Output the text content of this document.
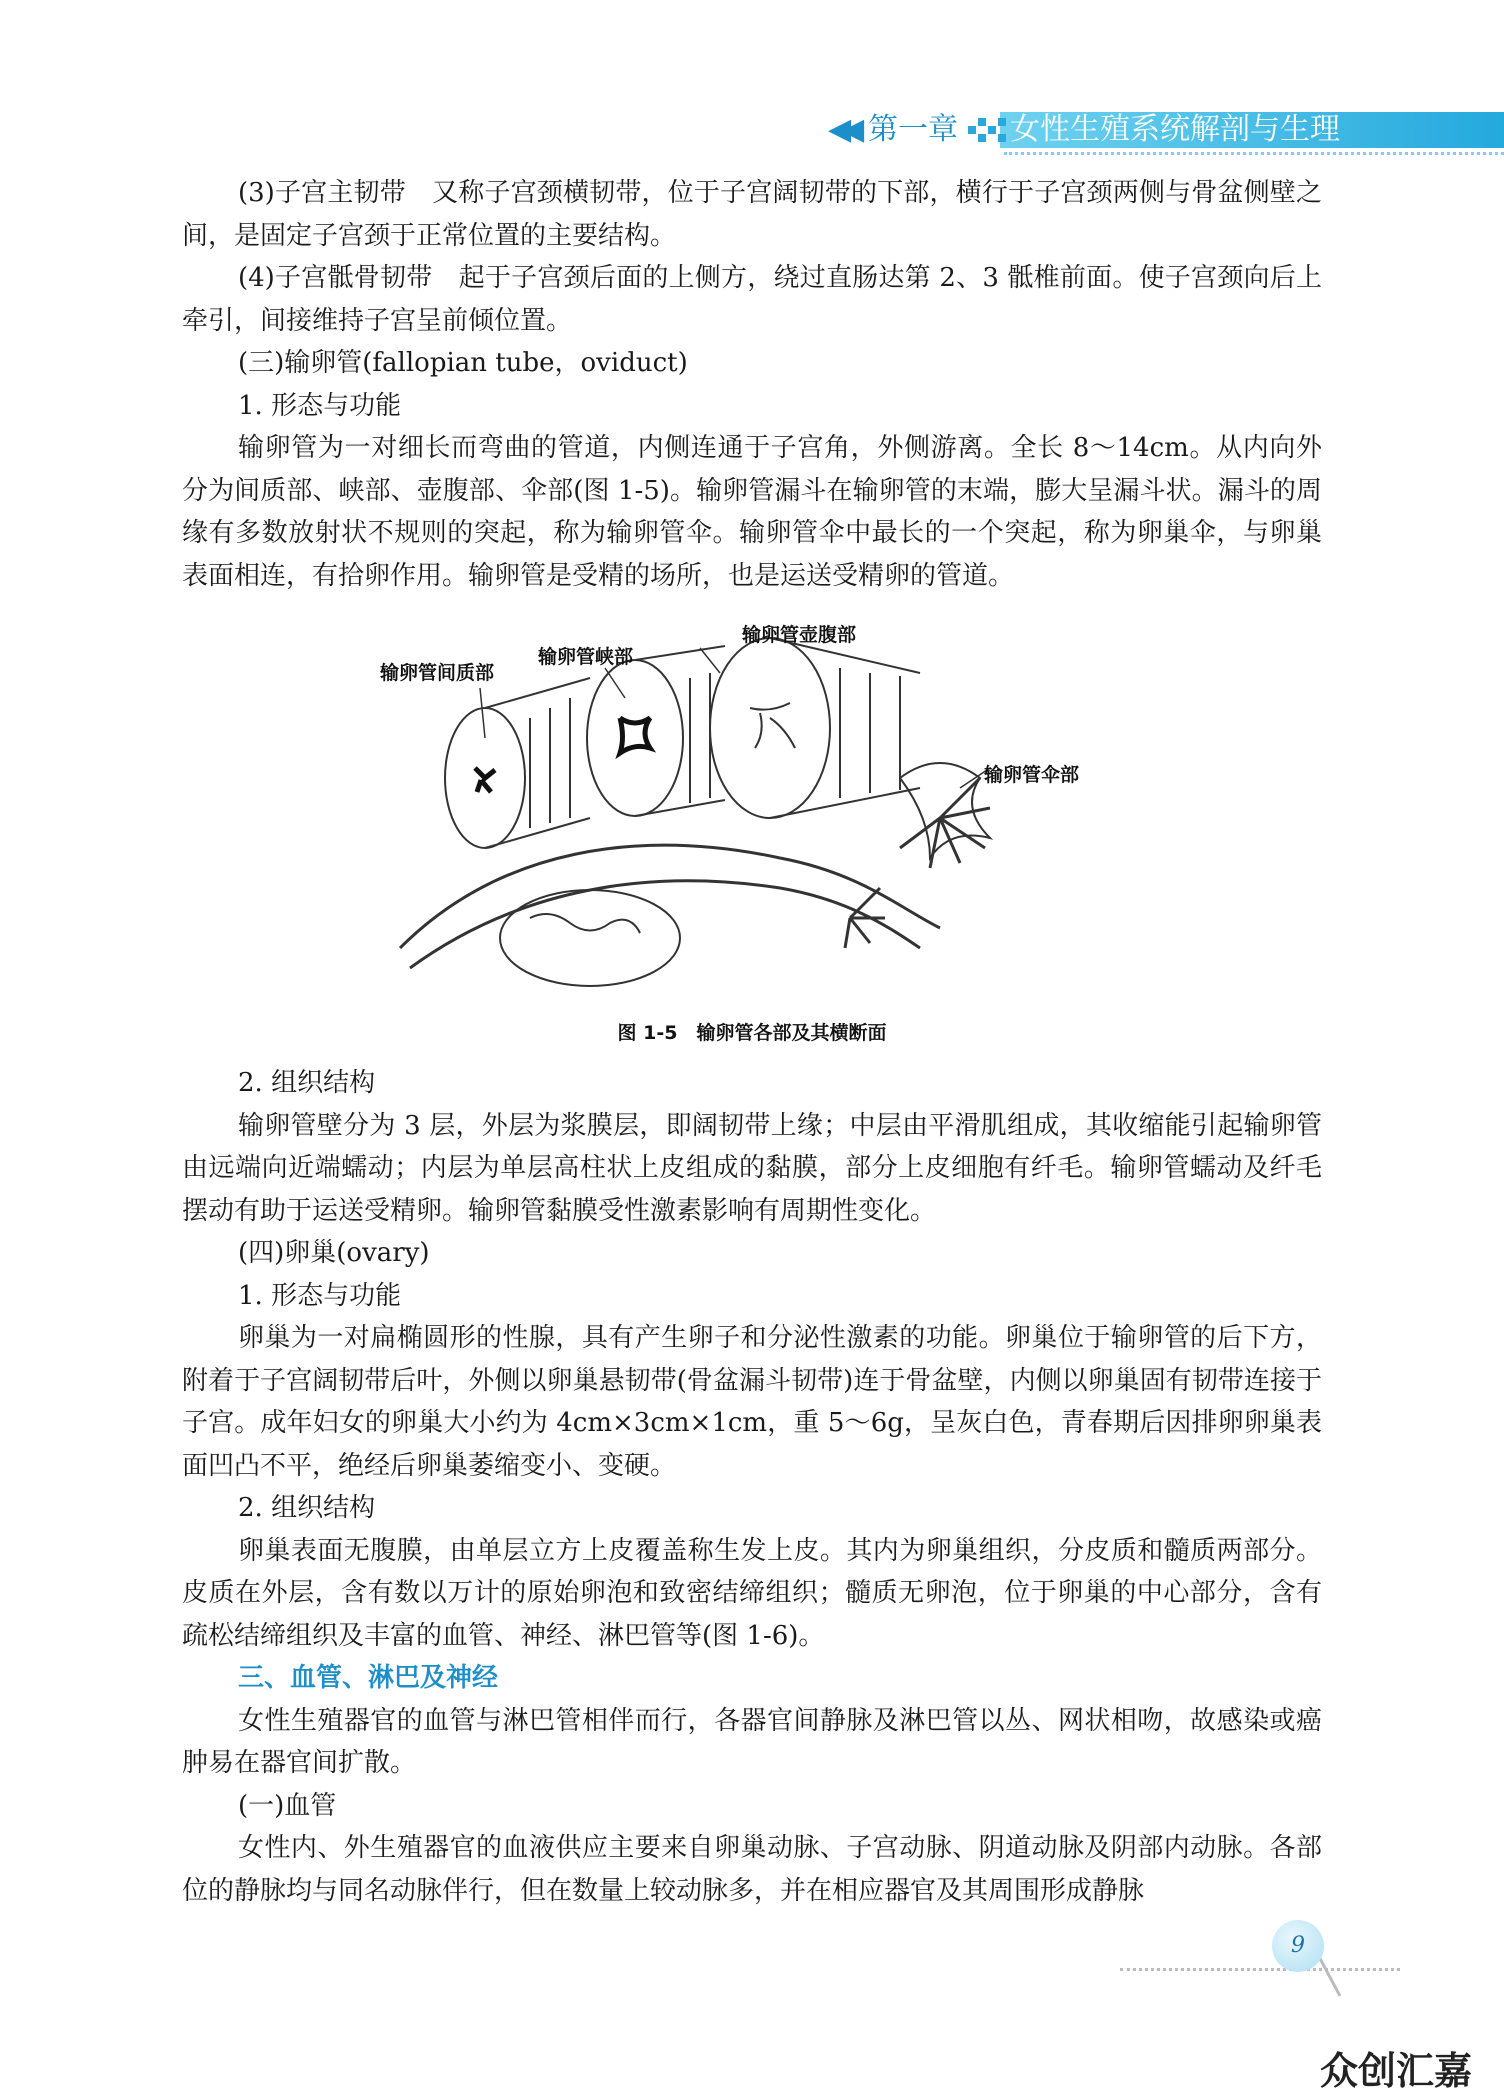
◀◀ 第一章 女性生殖系统解剖与生理

(3)子宫主韧带　又称子宫颈横韧带，位于子宫阔韧带的下部，横行于子宫颈两侧与骨盆侧壁之间，是固定子宫颈于正常位置的主要结构。

(4)子宫骶骨韧带　起于子宫颈后面的上侧方，绕过直肠达第 2、3 骶椎前面。使子宫颈向后上牵引，间接维持子宫呈前倾位置。

(三)输卵管(fallopian tube，oviduct)

1. 形态与功能

输卵管为一对细长而弯曲的管道，内侧连通于子宫角，外侧游离。全长 8～14cm。从内向外分为间质部、峡部、壶腹部、伞部(图 1-5)。输卵管漏斗在输卵管的末端，膨大呈漏斗状。漏斗的周缘有多数放射状不规则的突起，称为输卵管伞。输卵管伞中最长的一个突起，称为卵巢伞，与卵巢表面相连，有拾卵作用。输卵管是受精的场所，也是运送受精卵的管道。

输卵管间质部
输卵管峡部
输卵管壶腹部
输卵管伞部
图 1-5　输卵管各部及其横断面

2. 组织结构

输卵管壁分为 3 层，外层为浆膜层，即阔韧带上缘；中层由平滑肌组成，其收缩能引起输卵管由远端向近端蠕动；内层为单层高柱状上皮组成的黏膜，部分上皮细胞有纤毛。输卵管蠕动及纤毛摆动有助于运送受精卵。输卵管黏膜受性激素影响有周期性变化。

(四)卵巢(ovary)

1. 形态与功能

卵巢为一对扁椭圆形的性腺，具有产生卵子和分泌性激素的功能。卵巢位于输卵管的后下方，附着于子宫阔韧带后叶，外侧以卵巢悬韧带(骨盆漏斗韧带)连于骨盆壁，内侧以卵巢固有韧带连接于子宫。成年妇女的卵巢大小约为 4cm×3cm×1cm，重 5～6g，呈灰白色，青春期后因排卵卵巢表面凹凸不平，绝经后卵巢萎缩变小、变硬。

2. 组织结构

卵巢表面无腹膜，由单层立方上皮覆盖称生发上皮。其内为卵巢组织，分皮质和髓质两部分。皮质在外层，含有数以万计的原始卵泡和致密结缔组织；髓质无卵泡，位于卵巢的中心部分，含有疏松结缔组织及丰富的血管、神经、淋巴管等(图 1-6)。

三、血管、淋巴及神经

女性生殖器官的血管与淋巴管相伴而行，各器官间静脉及淋巴管以丛、网状相吻，故感染或癌肿易在器官间扩散。

(一)血管

女性内、外生殖器官的血液供应主要来自卵巢动脉、子宫动脉、阴道动脉及阴部内动脉。各部位的静脉均与同名动脉伴行，但在数量上较动脉多，并在相应器官及其周围形成静脉

9
众创汇嘉
